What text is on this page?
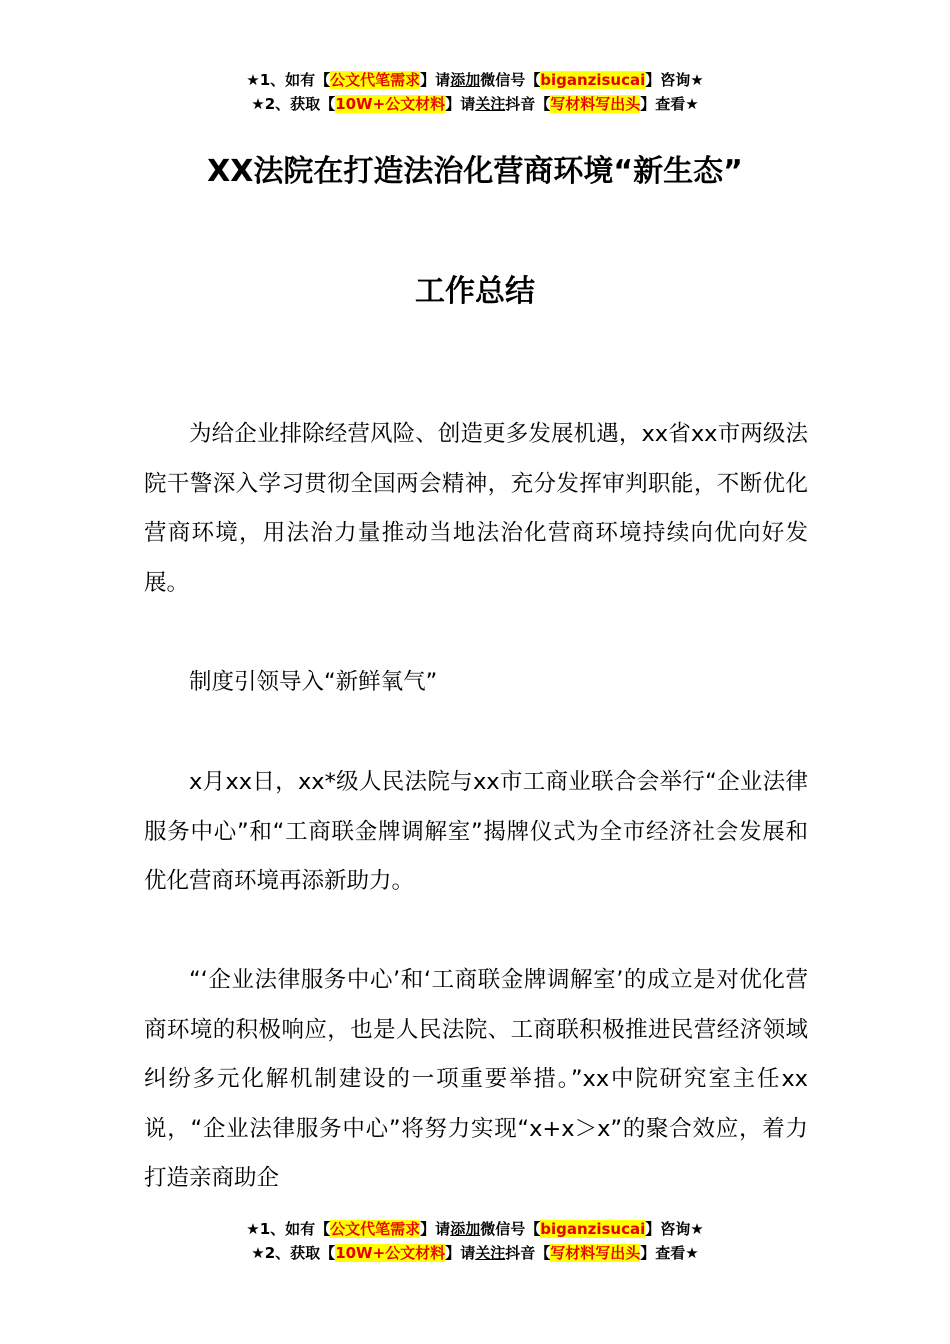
★1、如有【公文代笔需求】请添加微信号【biganzisucai】咨询★
★2、获取【10W+公文材料】请关注抖音【写材料写出头】查看★
XX法院在打造法治化营商环境“新生态”
工作总结

为给企业排除经营风险、创造更多发展机遇，xx省xx市两级法院干警深入学习贯彻全国两会精神，充分发挥审判职能，不断优化营商环境，用法治力量推动当地法治化营商环境持续向优向好发展。

制度引领导入“新鲜氧气”

x月xx日，xx*级人民法院与xx市工商业联合会举行“企业法律服务中心”和“工商联金牌调解室”揭牌仪式为全市经济社会发展和优化营商环境再添新助力。

“‘企业法律服务中心’和‘工商联金牌调解室’的成立是对优化营商环境的积极响应，也是人民法院、工商联积极推进民营经济领域纠纷多元化解机制建设的一项重要举措。”xx中院研究室主任xx说，“企业法律服务中心”将努力实现“x+x＞x”的聚合效应，着力打造亲商助企

★1、如有【公文代笔需求】请添加微信号【biganzisucai】咨询★
★2、获取【10W+公文材料】请关注抖音【写材料写出头】查看★
